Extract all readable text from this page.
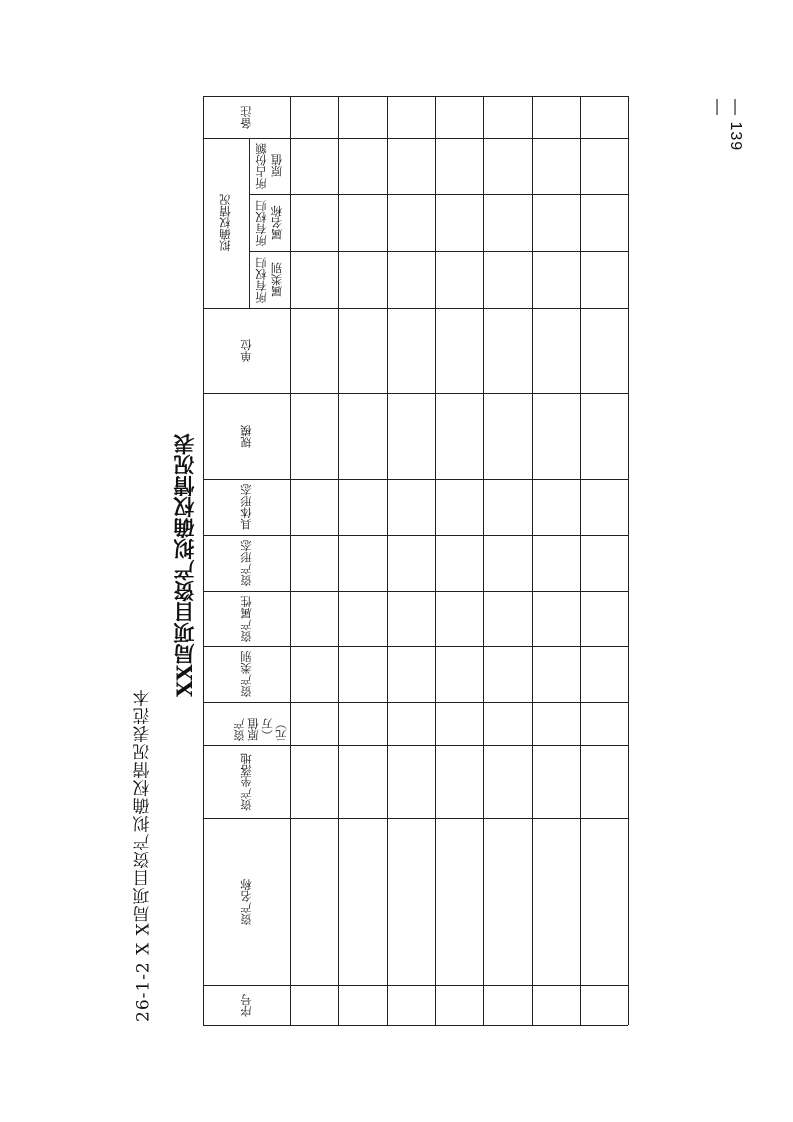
— 139 —
26-1-2 X X局项目资产拟确权情况表范本
XX局项目资产拟确权情况表
备注
拟确权情况
所占份额原值
所有权归属名称
所有权归属类别
单位
规模
具体形态
资产形态
资产属性
资产类别
资产原值（万元）
资产坐落地
资产名称
序号
